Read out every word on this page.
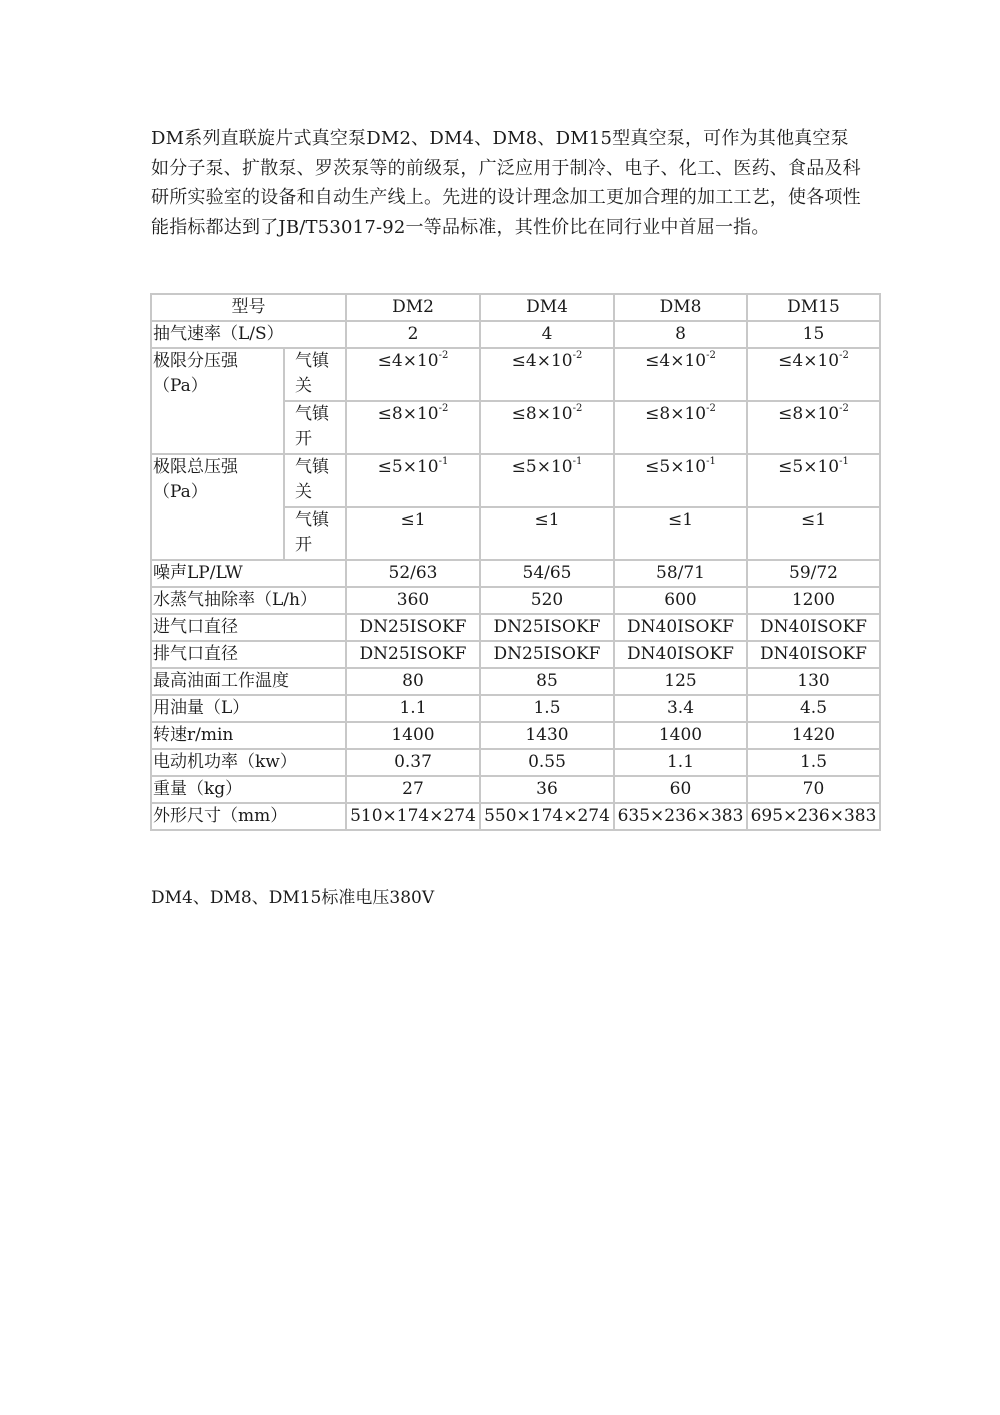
DM系列直联旋片式真空泵DM2、DM4、DM8、DM15型真空泵，可作为其他真空泵如分子泵、扩散泵、罗茨泵等的前级泵，广泛应用于制冷、电子、化工、医药、食品及科研所实验室的设备和自动生产线上。先进的设计理念加工更加合理的加工工艺，使各项性能指标都达到了JB/T53017-92一等品标准，其性价比在同行业中首屈一指。

型号		DM2	DM4	DM8	DM15
抽气速率（L/S）		2	4	8	15
极限分压强（Pa）	气镇关	$\le 4\times 10^{-2}$	$\le 4\times 10^{-2}$	$\le 4\times 10^{-2}$	$\le 4\times 10^{-2}$
	气镇开	$\le 8\times 10^{-2}$	$\le 8\times 10^{-2}$	$\le 8\times 10^{-2}$	$\le 8\times 10^{-2}$
极限总压强（Pa）	气镇关	$\le 5\times 10^{-1}$	$\le 5\times 10^{-1}$	$\le 5\times 10^{-1}$	$\le 5\times 10^{-1}$
	气镇开	≤1	≤1	≤1	≤1
噪声LP/LW		52/63	54/65	58/71	59/72
水蒸气抽除率（L/h）		360	520	600	1200
进气口直径		DN25ISOKF	DN25ISOKF	DN40ISOKF	DN40ISOKF
排气口直径		DN25ISOKF	DN25ISOKF	DN40ISOKF	DN40ISOKF
最高油面工作温度		80	85	125	130
用油量（L）		1.1	1.5	3.4	4.5
转速r/min		1400	1430	1400	1420
电动机功率（kw）		0.37	0.55	1.1	1.5
重量（kg）		27	36	60	70
外形尺寸（mm）		510×174×274	550×174×274	635×236×383	695×236×383

DM4、DM8、DM15标准电压380V
